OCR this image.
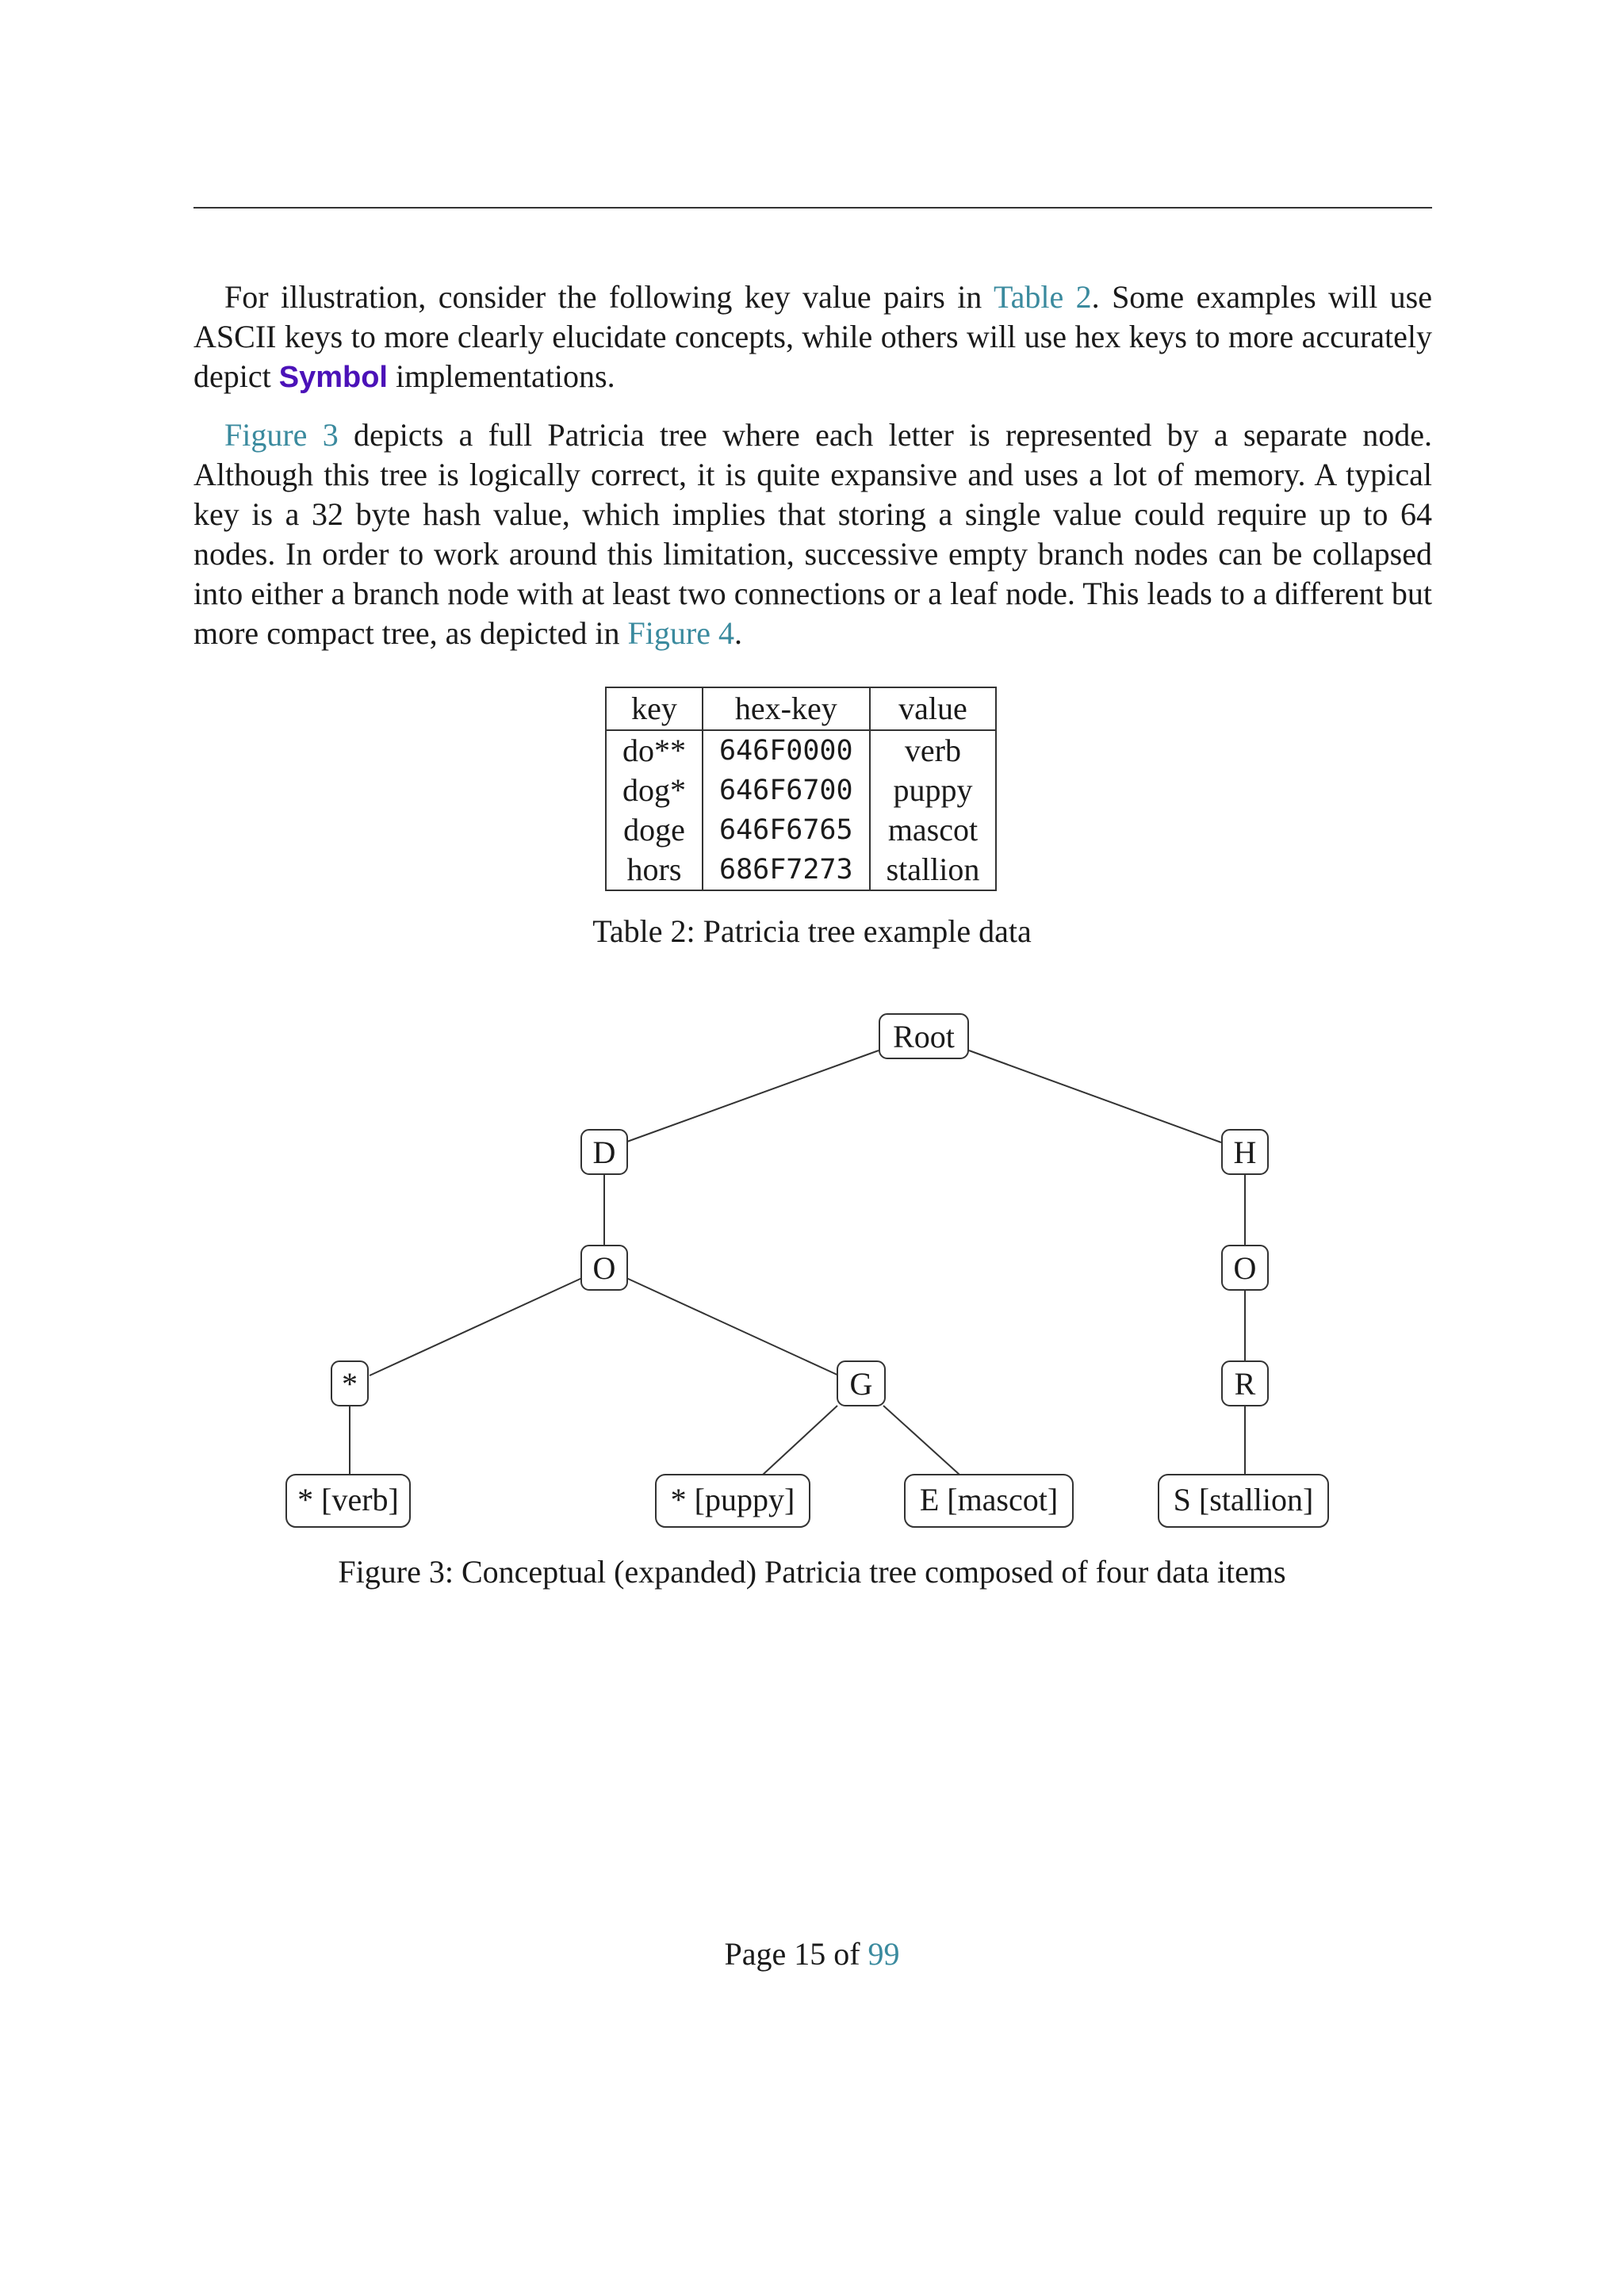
For illustration, consider the following key value pairs in Table 2. Some examples will use ASCII keys to more clearly elucidate concepts, while others will use hex keys to more accurately depict Symbol implementations.

Figure 3 depicts a full Patricia tree where each letter is represented by a separate node. Although this tree is logically correct, it is quite expansive and uses a lot of memory. A typical key is a 32 byte hash value, which implies that storing a single value could require up to 64 nodes. In order to work around this limitation, successive empty branch nodes can be collapsed into either a branch node with at least two connections or a leaf node. This leads to a different but more compact tree, as depicted in Figure 4.

key	hex-key	value
do**	646F0000	verb
dog*	646F6700	puppy
doge	646F6765	mascot
hors	686F7273	stallion

Table 2: Patricia tree example data

Root
D	H
O	O
*	G	R
* [verb]	* [puppy]	E [mascot]	S [stallion]

Figure 3: Conceptual (expanded) Patricia tree composed of four data items

Page 15 of 99
